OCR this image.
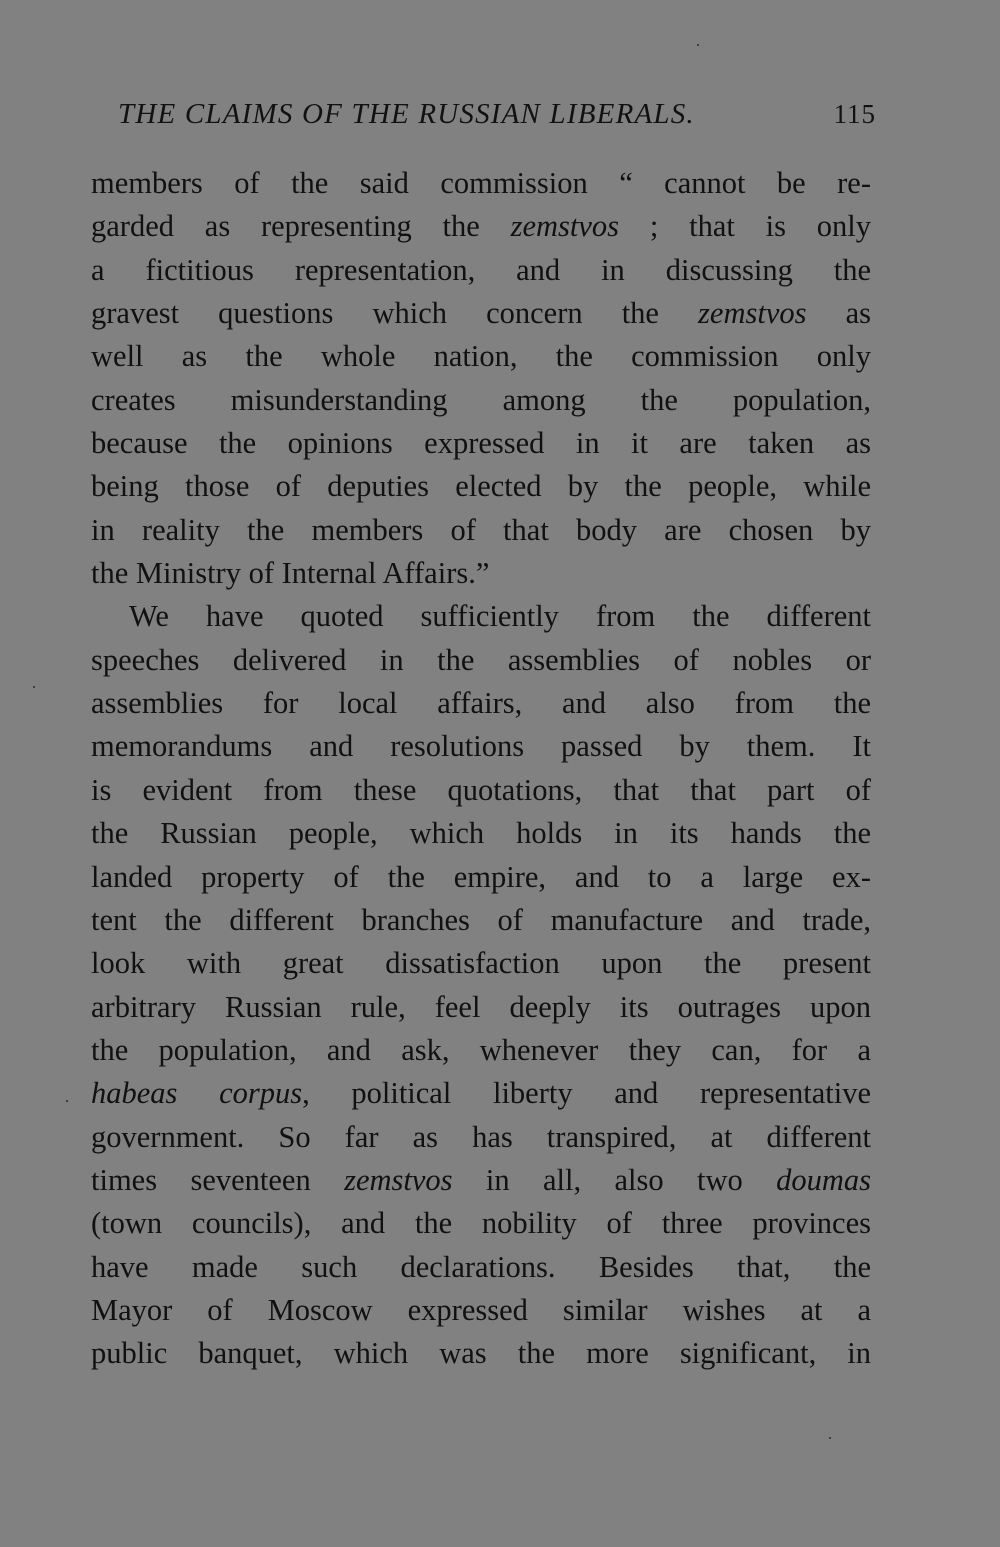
THE CLAIMS OF THE RUSSIAN LIBERALS.	115
members of the said commission “ cannot be re-
garded as representing the zemstvos ; that is only
a fictitious representation, and in discussing the
gravest questions which concern the zemstvos as
well as the whole nation, the commission only
creates misunderstanding among the population,
because the opinions expressed in it are taken as
being those of deputies elected by the people, while
in reality the members of that body are chosen by
the Ministry of Internal Affairs.”
We have quoted sufficiently from the different
speeches delivered in the assemblies of nobles or
assemblies for local affairs, and also from the
memorandums and resolutions passed by them. It
is evident from these quotations, that that part of
the Russian people, which holds in its hands the
landed property of the empire, and to a large ex-
tent the different branches of manufacture and trade,
look with great dissatisfaction upon the present
arbitrary Russian rule, feel deeply its outrages upon
the population, and ask, whenever they can, for a
habeas corpus, political liberty and representative
government. So far as has transpired, at different
times seventeen zemstvos in all, also two doumas
(town councils), and the nobility of three provinces
have made such declarations. Besides that, the
Mayor of Moscow expressed similar wishes at a
public banquet, which was the more significant, in
